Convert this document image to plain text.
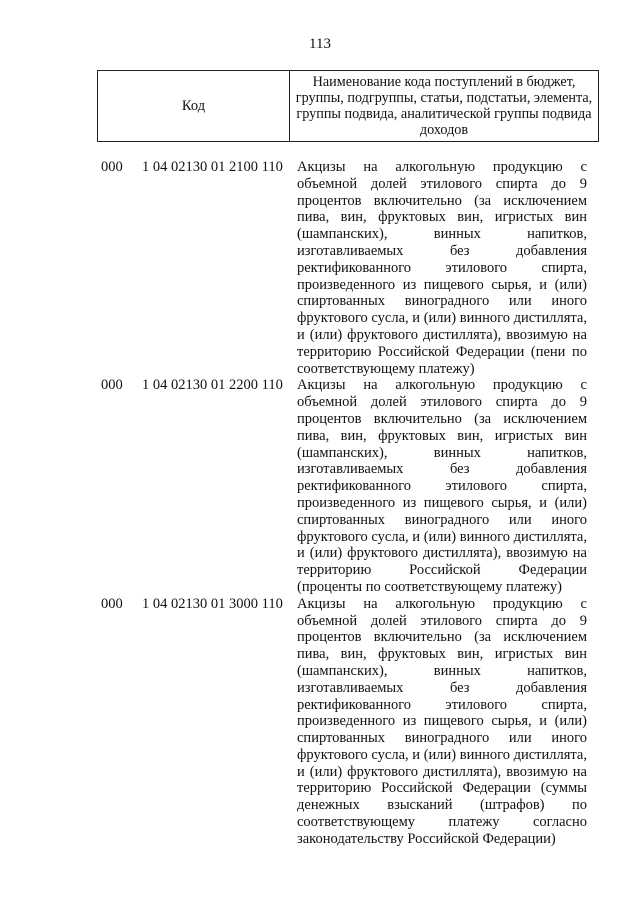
113
Код
Наименование кода поступлений в бюджет, группы, подгруппы, статьи, подстатьи, элемента, группы подвида, аналитической группы подвида доходов
000 1 04 02130 01 2100 110 Акцизы на алкогольную продукцию с объемной долей этилового спирта до 9 процентов включительно (за исключением пива, вин, фруктовых вин, игристых вин (шампанских), винных напитков, изготавливаемых без добавления ректификованного этилового спирта, произведенного из пищевого сырья, и (или) спиртованных виноградного или иного фруктового сусла, и (или) винного дистиллята, и (или) фруктового дистиллята), ввозимую на территорию Российской Федерации (пени по соответствующему платежу)
000 1 04 02130 01 2200 110 Акцизы на алкогольную продукцию с объемной долей этилового спирта до 9 процентов включительно (за исключением пива, вин, фруктовых вин, игристых вин (шампанских), винных напитков, изготавливаемых без добавления ректификованного этилового спирта, произведенного из пищевого сырья, и (или) спиртованных виноградного или иного фруктового сусла, и (или) винного дистиллята, и (или) фруктового дистиллята), ввозимую на территорию Российской Федерации (проценты по соответствующему платежу)
000 1 04 02130 01 3000 110 Акцизы на алкогольную продукцию с объемной долей этилового спирта до 9 процентов включительно (за исключением пива, вин, фруктовых вин, игристых вин (шампанских), винных напитков, изготавливаемых без добавления ректификованного этилового спирта, произведенного из пищевого сырья, и (или) спиртованных виноградного или иного фруктового сусла, и (или) винного дистиллята, и (или) фруктового дистиллята), ввозимую на территорию Российской Федерации (суммы денежных взысканий (штрафов) по соответствующему платежу согласно законодательству Российской Федерации)
